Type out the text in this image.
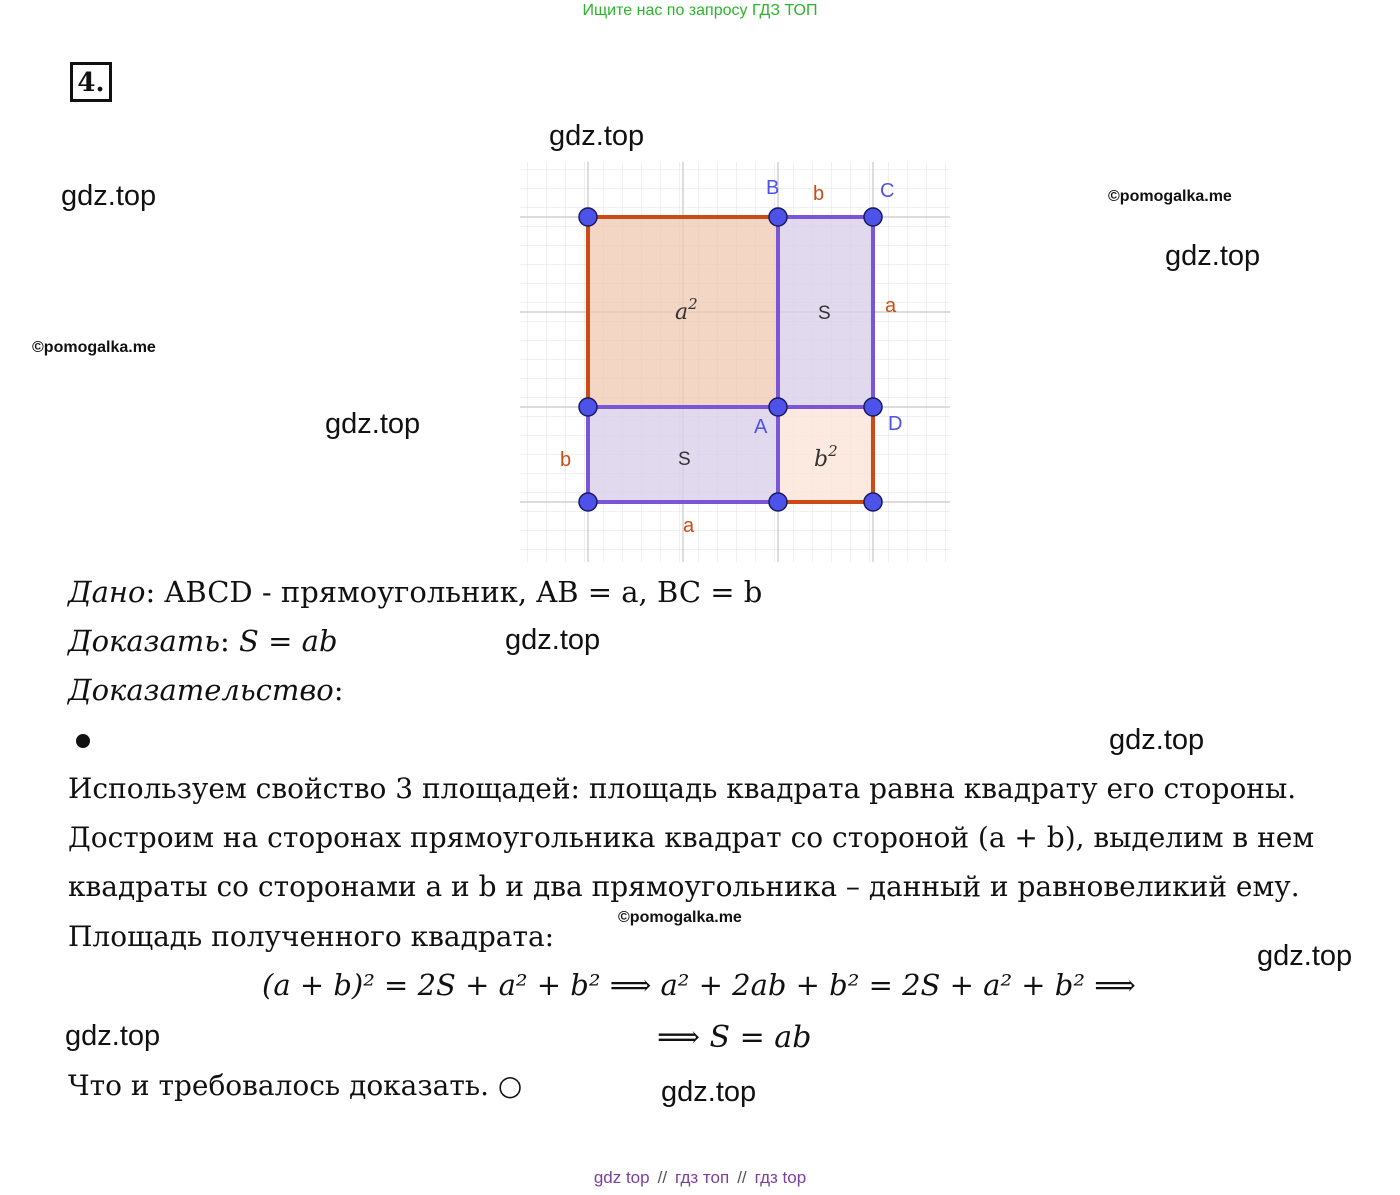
Ищите нас по запросу ГДЗ ТОП
4.
gdz.top
gdz.top	©pomogalka.me
gdz.top
©pomogalka.me
gdz.top
gdz.top
gdz.top
©pomogalka.me
gdz.top
gdz.top
gdz.top
B	C
A	D
b
a
b
a
$a^2$	S
S	$b^2$
Дано: ABCD - прямоугольник, AB = a, BC = b
Доказать: S = ab
Доказательство:
Используем свойство 3 площадей: площадь квадрата равна квадрату его стороны.
Достроим на сторонах прямоугольника квадрат со стороной (a + b), выделим в нем
квадраты со сторонами a и b и два прямоугольника – данный и равновеликий ему.
Площадь полученного квадрата:
(a + b)² = 2S + a² + b² ⟹ a² + 2ab + b² = 2S + a² + b² ⟹
⟹ S = ab
Что и требовалось доказать. ○
gdz top // гдз топ // гдз top
